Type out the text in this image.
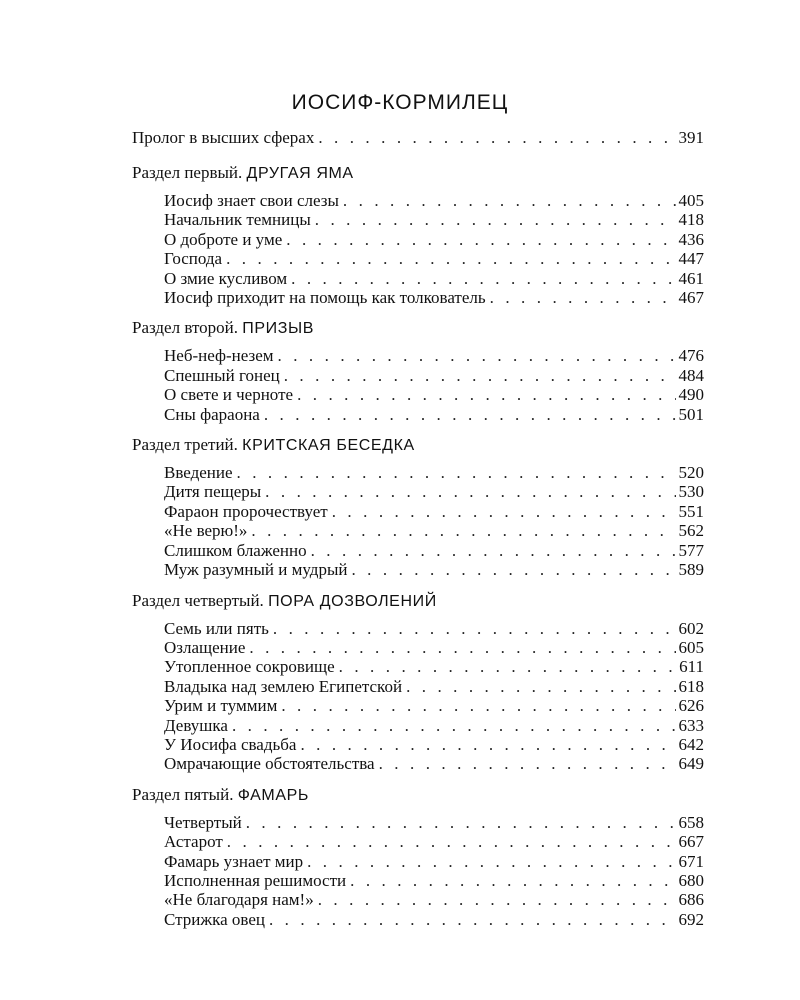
ИОСИФ-КОРМИЛЕЦ
Пролог в высших сферах . . .	391
Раздел первый. ДРУГАЯ ЯМА
Иосиф знает свои слезы . . .	405
Начальник темницы . . .	418
О доброте и уме . . .	436
Господа . . .	447
О змие кусливом . . .	461
Иосиф приходит на помощь как толкователь . . .	467
Раздел второй. ПРИЗЫВ
Неб-неф-незем . . .	476
Спешный гонец . . .	484
О свете и черноте . . .	490
Сны фараона . . .	501
Раздел третий. КРИТСКАЯ БЕСЕДКА
Введение . . .	520
Дитя пещеры . . .	530
Фараон пророчествует . . .	551
«Не верю!» . . .	562
Слишком блаженно . . .	577
Муж разумный и мудрый . . .	589
Раздел четвертый. ПОРА ДОЗВОЛЕНИЙ
Семь или пять . . .	602
Озлащение . . .	605
Утопленное сокровище . . .	611
Владыка над землею Египетской . . .	618
Урим и туммим . . .	626
Девушка . . .	633
У Иосифа свадьба . . .	642
Омрачающие обстоятельства . . .	649
Раздел пятый. ФАМАРЬ
Четвертый . . .	658
Астарот . . .	667
Фамарь узнает мир . . .	671
Исполненная решимости . . .	680
«Не благодаря нам!» . . .	686
Стрижка овец . . .	692
